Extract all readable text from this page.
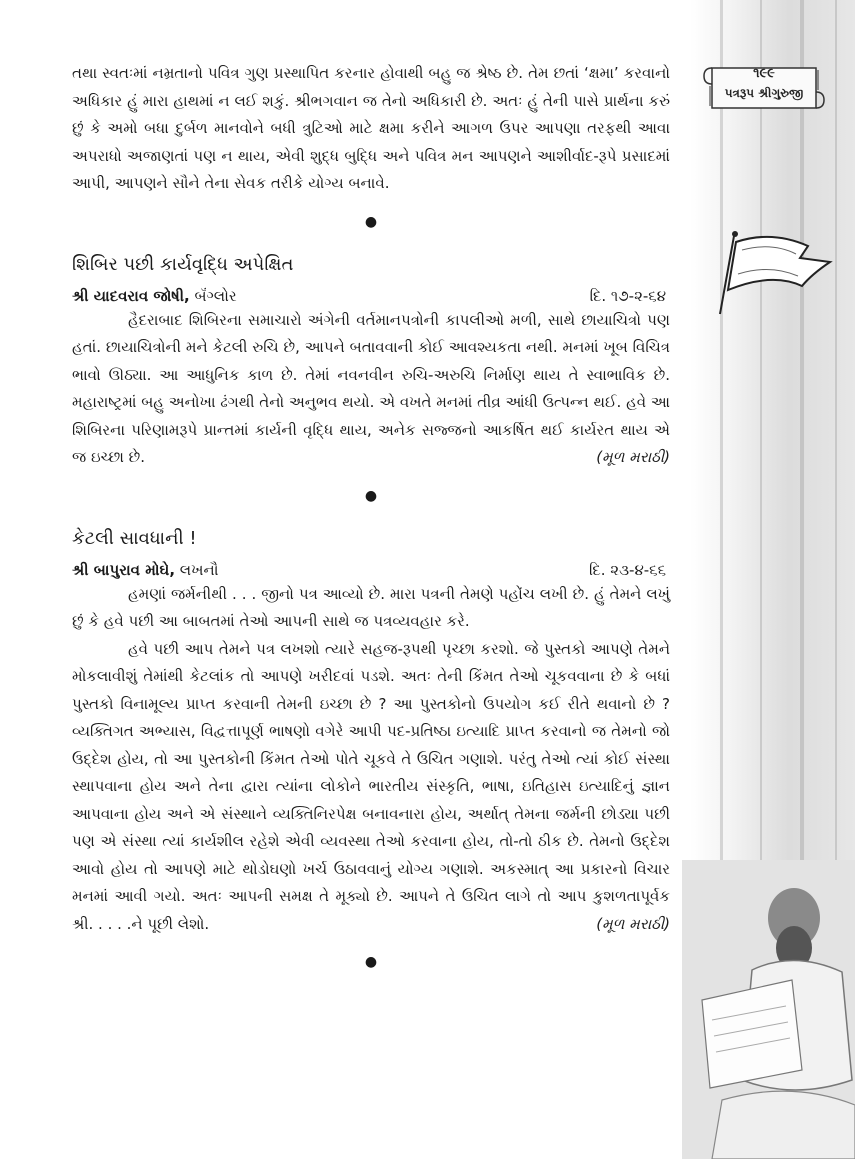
૧૯૯
પત્રરૂપ શ્રીગુરુજી

તથા સ્વતઃમાં નમ્રતાનો પવિત્ર ગુણ પ્રસ્થાપિત કરનાર હોવાથી બહુ જ શ્રેષ્ઠ છે. તેમ છતાં ‘ક્ષમા’ કરવાનો અધિકાર હું મારા હાથમાં ન લઈ શકું. શ્રીભગવાન જ તેનો અધિકારી છે. અતઃ હું તેની પાસે પ્રાર્થના કરું છું કે અમો બધા દુર્બળ માનવોને બધી ત્રુટિઓ માટે ક્ષમા કરીને આગળ ઉપર આપણા તરફથી આવા અપરાધો અજાણતાં પણ ન થાય, એવી શુદ્ધ બુદ્ધિ અને પવિત્ર મન આપણને આશીર્વાદ-રૂપે પ્રસાદમાં આપી, આપણને સૌને તેના સેવક તરીકે યોગ્ય બનાવે.

●
શિબિર પછી કાર્યવૃદ્ધિ અપેક્ષિત
શ્રી યાદવરાવ જોષી, બૅંગ્લોર	દિ. ૧૭-૨-૬૪

હૈદરાબાદ શિબિરના સમાચારો અંગેની વર્તમાનપત્રોની કાપલીઓ મળી, સાથે છાયાચિત્રો પણ હતાં. છાયાચિત્રોની મને કેટલી રુચિ છે, આપને બતાવવાની કોઈ આવશ્યકતા નથી. મનમાં ખૂબ વિચિત્ર ભાવો ઊઠ્યા. આ આધુનિક કાળ છે. તેમાં નવનવીન રુચિ-અરુચિ નિર્માણ થાય તે સ્વાભાવિક છે. મહારાષ્ટ્રમાં બહુ અનોખા ઢંગથી તેનો અનુભવ થયો. એ વખતે મનમાં તીવ્ર આંધી ઉત્પન્ન થઈ. હવે આ શિબિરના પરિણામરૂપે પ્રાન્તમાં કાર્યની વૃદ્ધિ થાય, અનેક સજ્જનો આકર્ષિત થઈ કાર્યરત થાય એ જ ઇચ્છા છે.	(મૂળ મરાઠી)

●
કેટલી સાવધાની !
શ્રી બાપુરાવ મોઘે, લખનૌ	દિ. ૨૩-૪-૬૬

હમણાં જર્મનીથી . . . જીનો પત્ર આવ્યો છે. મારા પત્રની તેમણે પહોંચ લખી છે. હું તેમને લખું છું કે હવે પછી આ બાબતમાં તેઓ આપની સાથે જ પત્રવ્યવહાર કરે.

હવે પછી આપ તેમને પત્ર લખશો ત્યારે સહજ-રૂપથી પૃચ્છા કરશો. જે પુસ્તકો આપણે તેમને મોકલાવીશું તેમાંથી કેટલાંક તો આપણે ખરીદવાં પડશે. અતઃ તેની કિંમત તેઓ ચૂકવવાના છે કે બધાં પુસ્તકો વિનામૂલ્ય પ્રાપ્ત કરવાની તેમની ઇચ્છા છે ? આ પુસ્તકોનો ઉપયોગ કઈ રીતે થવાનો છે ? વ્યક્તિગત અભ્યાસ, વિદ્વત્તાપૂર્ણ ભાષણો વગેરે આપી પદ-પ્રતિષ્ઠા ઇત્યાદિ પ્રાપ્ત કરવાનો જ તેમનો જો ઉદ્દેશ હોય, તો આ પુસ્તકોની કિંમત તેઓ પોતે ચૂકવે તે ઉચિત ગણાશે. પરંતુ તેઓ ત્યાં કોઈ સંસ્થા સ્થાપવાના હોય અને તેના દ્વારા ત્યાંના લોકોને ભારતીય સંસ્કૃતિ, ભાષા, ઇતિહાસ ઇત્યાદિનું જ્ઞાન આપવાના હોય અને એ સંસ્થાને વ્યક્તિનિરપેક્ષ બનાવનારા હોય, અર્થાત્ તેમના જર્મની છોડ્યા પછી પણ એ સંસ્થા ત્યાં કાર્યશીલ રહેશે એવી વ્યવસ્થા તેઓ કરવાના હોય, તો-તો ઠીક છે. તેમનો ઉદ્દેશ આવો હોય તો આપણે માટે થોડોઘણો ખર્ચ ઉઠાવવાનું યોગ્ય ગણાશે. અકસ્માત્ આ પ્રકારનો વિચાર મનમાં આવી ગયો. અતઃ આપની સમક્ષ તે મૂક્યો છે. આપને તે ઉચિત લાગે તો આપ કુશળતાપૂર્વક શ્રી. . . . .ને પૂછી લેશો.	(મૂળ મરાઠી)

●
